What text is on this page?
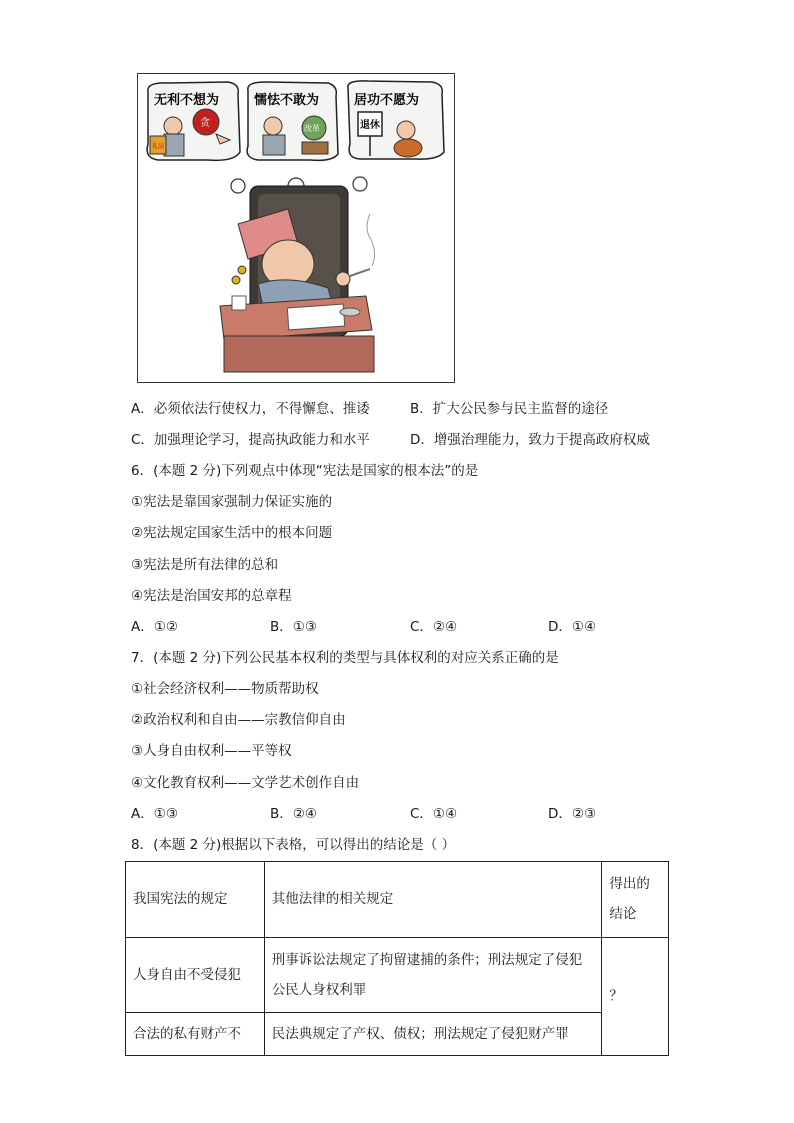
无利不想为
礼品
贪
懦怯不敢为
改革
居功不愿为
退休
A．必须依法行使权力，不得懈怠、推诿	B．扩大公民参与民主监督的途径
C．加强理论学习，提高执政能力和水平	D．增强治理能力，致力于提高政府权威
6．(本题 2 分)下列观点中体现“宪法是国家的根本法”的是
①宪法是靠国家强制力保证实施的
②宪法规定国家生活中的根本问题
③宪法是所有法律的总和
④宪法是治国安邦的总章程
A．①②	B．①③	C．②④	D．①④
7．(本题 2 分)下列公民基本权利的类型与具体权利的对应关系正确的是
①社会经济权利——物质帮助权
②政治权利和自由——宗教信仰自由
③人身自由权利——平等权
④文化教育权利——文学艺术创作自由
A．①③	B．②④	C．①④	D．②③
8．(本题 2 分)根据以下表格，可以得出的结论是（ ）
我国宪法的规定	其他法律的相关规定	得出的结论
人身自由不受侵犯	刑事诉讼法规定了拘留逮捕的条件；刑法规定了侵犯公民人身权利罪	？
合法的私有财产不	民法典规定了产权、债权；刑法规定了侵犯财产罪	
